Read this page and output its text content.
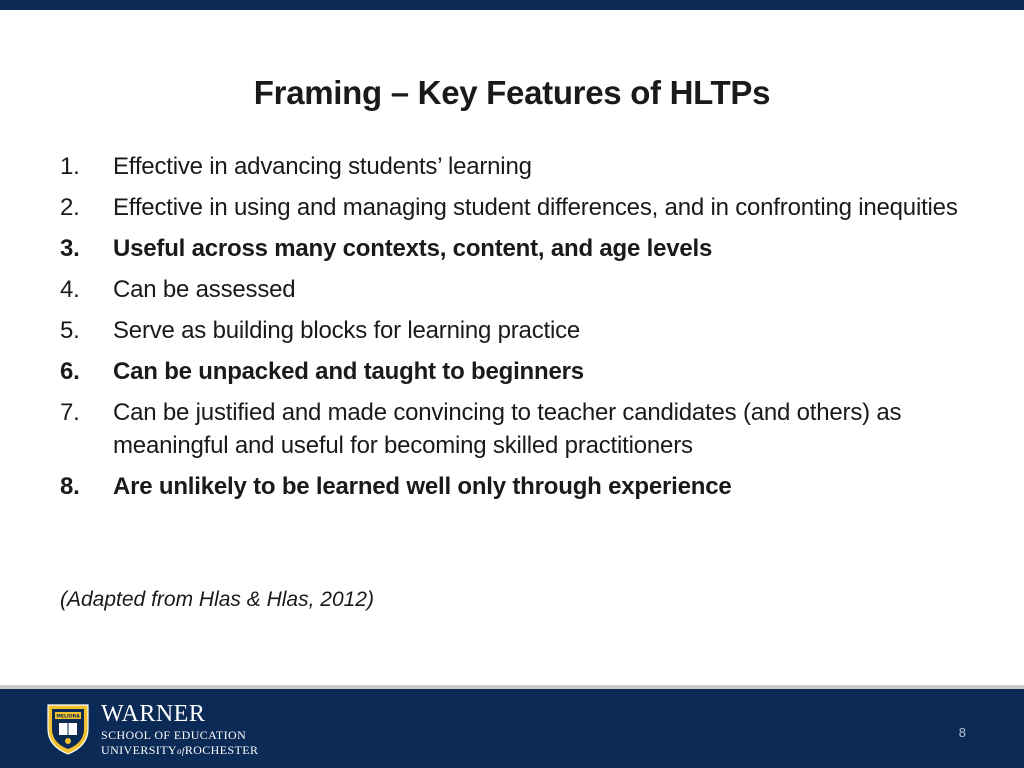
Framing – Key Features of HLTPs
1.	Effective in advancing students’ learning
2.	Effective in using and managing student differences, and in confronting inequities
3.	Useful across many contexts, content, and age levels
4.	Can be assessed
5.	Serve as building blocks for learning practice
6.	Can be unpacked and taught to beginners
7.	Can be justified and made convincing to teacher candidates (and others) as meaningful and useful for becoming skilled practitioners
8.	Are unlikely to be learned well only through experience
(Adapted from Hlas & Hlas, 2012)
MELIORA WARNER
SCHOOL OF EDUCATION
UNIVERSITYofROCHESTER
8
